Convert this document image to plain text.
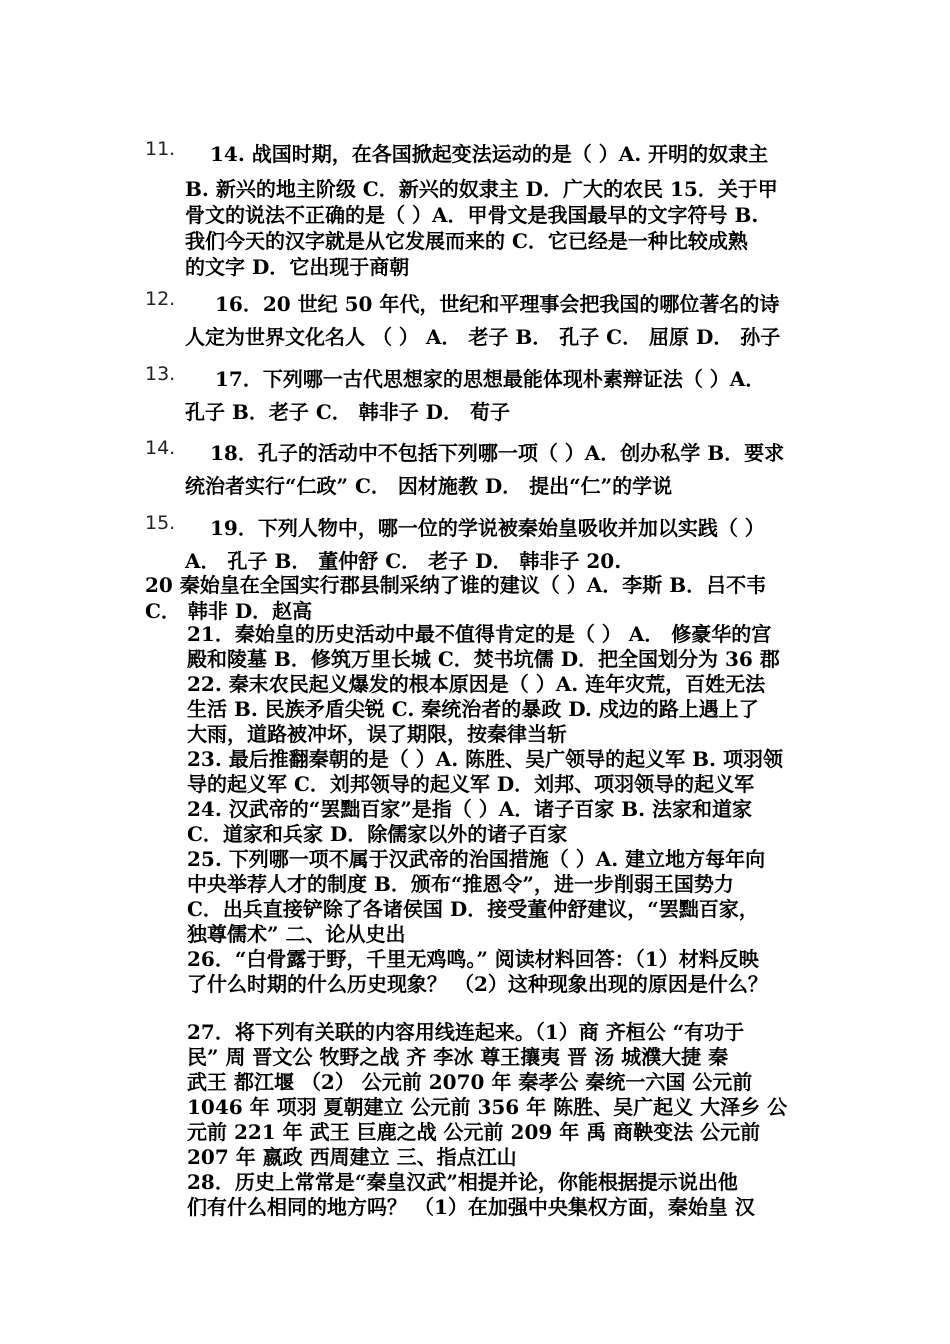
11. 14. 战国时期，在各国掀起变法运动的是（ ）A. 开明的奴隶主
B. 新兴的地主阶级 C．新兴的奴隶主 D．广大的农民 15．关于甲
骨文的说法不正确的是（ ）A．甲骨文是我国最早的文字符号 B.
我们今天的汉字就是从它发展而来的 C．它已经是一种比较成熟
的文字 D．它出现于商朝
12. 16．20 世纪 50 年代，世纪和平理事会把我国的哪位著名的诗
人定为世界文化名人 （ ） A． 老子 B． 孔子 C． 屈原 D． 孙子
13. 17．下列哪一古代思想家的思想最能体现朴素辩证法（ ）A．
孔子 B．老子 C． 韩非子 D． 荀子
14. 18．孔子的活动中不包括下列哪一项（ ）A．创办私学 B．要求
统治者实行“仁政” C． 因材施教 D． 提出“仁”的学说
15. 19．下列人物中，哪一位的学说被秦始皇吸收并加以实践（ ）
A． 孔子 B． 董仲舒 C． 老子 D． 韩非子 20.
20 秦始皇在全国实行郡县制采纳了谁的建议（ ）A．李斯 B．吕不韦
C． 韩非 D．赵高
21．秦始皇的历史活动中最不值得肯定的是（ ） A． 修豪华的宫
殿和陵墓 B．修筑万里长城 C．焚书坑儒 D．把全国划分为 36 郡
22. 秦末农民起义爆发的根本原因是（ ）A. 连年灾荒，百姓无法
生活 B. 民族矛盾尖锐 C. 秦统治者的暴政 D. 戍边的路上遇上了
大雨，道路被冲坏，误了期限，按秦律当斩
23. 最后推翻秦朝的是（ ）A. 陈胜、吴广领导的起义军 B. 项羽领
导的起义军 C．刘邦领导的起义军 D．刘邦、项羽领导的起义军
24. 汉武帝的“罢黜百家”是指（ ）A．诸子百家 B. 法家和道家
C．道家和兵家 D．除儒家以外的诸子百家
25. 下列哪一项不属于汉武帝的治国措施（ ）A. 建立地方每年向
中央举荐人才的制度 B．颁布“推恩令”，进一步削弱王国势力
C．出兵直接铲除了各诸侯国 D．接受董仲舒建议，“罢黜百家，
独尊儒术” 二、论从史出
26．“白骨露于野，千里无鸡鸣。” 阅读材料回答：（1）材料反映
了什么时期的什么历史现象？ （2）这种现象出现的原因是什么？
27．将下列有关联的内容用线连起来。（1）商 齐桓公 “有功于
民” 周 晋文公 牧野之战 齐 李冰 尊王攘夷 晋 汤 城濮大捷 秦
武王 都江堰 （2） 公元前 2070 年 秦孝公 秦统一六国 公元前
1046 年 项羽 夏朝建立 公元前 356 年 陈胜、吴广起义 大泽乡 公
元前 221 年 武王 巨鹿之战 公元前 209 年 禹 商鞅变法 公元前
207 年 嬴政 西周建立 三、指点江山
28．历史上常常是“秦皇汉武”相提并论，你能根据提示说出他
们有什么相同的地方吗？ （1）在加强中央集权方面，秦始皇 汉
